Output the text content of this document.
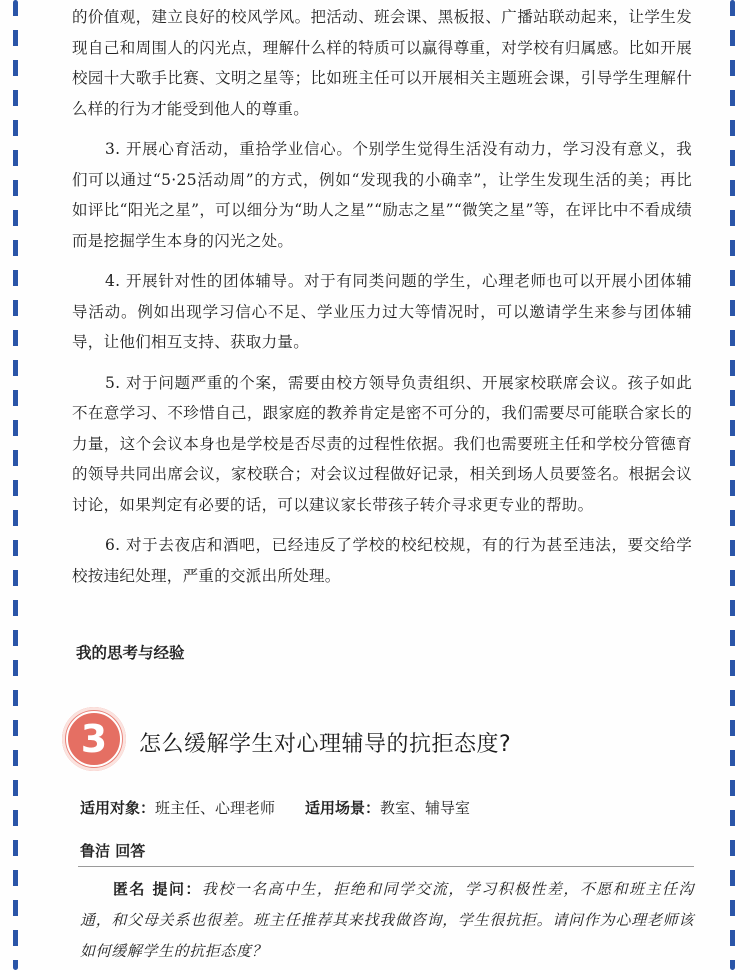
的价值观，建立良好的校风学风。把活动、班会课、黑板报、广播站联动起来，让学生发现自己和周围人的闪光点，理解什么样的特质可以赢得尊重，对学校有归属感。比如开展校园十大歌手比赛、文明之星等；比如班主任可以开展相关主题班会课，引导学生理解什么样的行为才能受到他人的尊重。

3. 开展心育活动，重拾学业信心。个别学生觉得生活没有动力，学习没有意义，我们可以通过“5·25活动周”的方式，例如“发现我的小确幸”，让学生发现生活的美；再比如评比“阳光之星”，可以细分为“助人之星”“励志之星”“微笑之星”等，在评比中不看成绩而是挖掘学生本身的闪光之处。

4. 开展针对性的团体辅导。对于有同类问题的学生，心理老师也可以开展小团体辅导活动。例如出现学习信心不足、学业压力过大等情况时，可以邀请学生来参与团体辅导，让他们相互支持、获取力量。

5. 对于问题严重的个案，需要由校方领导负责组织、开展家校联席会议。孩子如此不在意学习、不珍惜自己，跟家庭的教养肯定是密不可分的，我们需要尽可能联合家长的力量，这个会议本身也是学校是否尽责的过程性依据。我们也需要班主任和学校分管德育的领导共同出席会议，家校联合；对会议过程做好记录，相关到场人员要签名。根据会议讨论，如果判定有必要的话，可以建议家长带孩子转介寻求更专业的帮助。

6. 对于去夜店和酒吧，已经违反了学校的校纪校规，有的行为甚至违法，要交给学校按违纪处理，严重的交派出所处理。

我的思考与经验
3	怎么缓解学生对心理辅导的抗拒态度?
适用对象：班主任、心理老师 适用场景：教室、辅导室
鲁洁 回答
匿名 提问：我校一名高中生，拒绝和同学交流，学习积极性差，不愿和班主任沟通，和父母关系也很差。班主任推荐其来找我做咨询，学生很抗拒。请问作为心理老师该如何缓解学生的抗拒态度？
